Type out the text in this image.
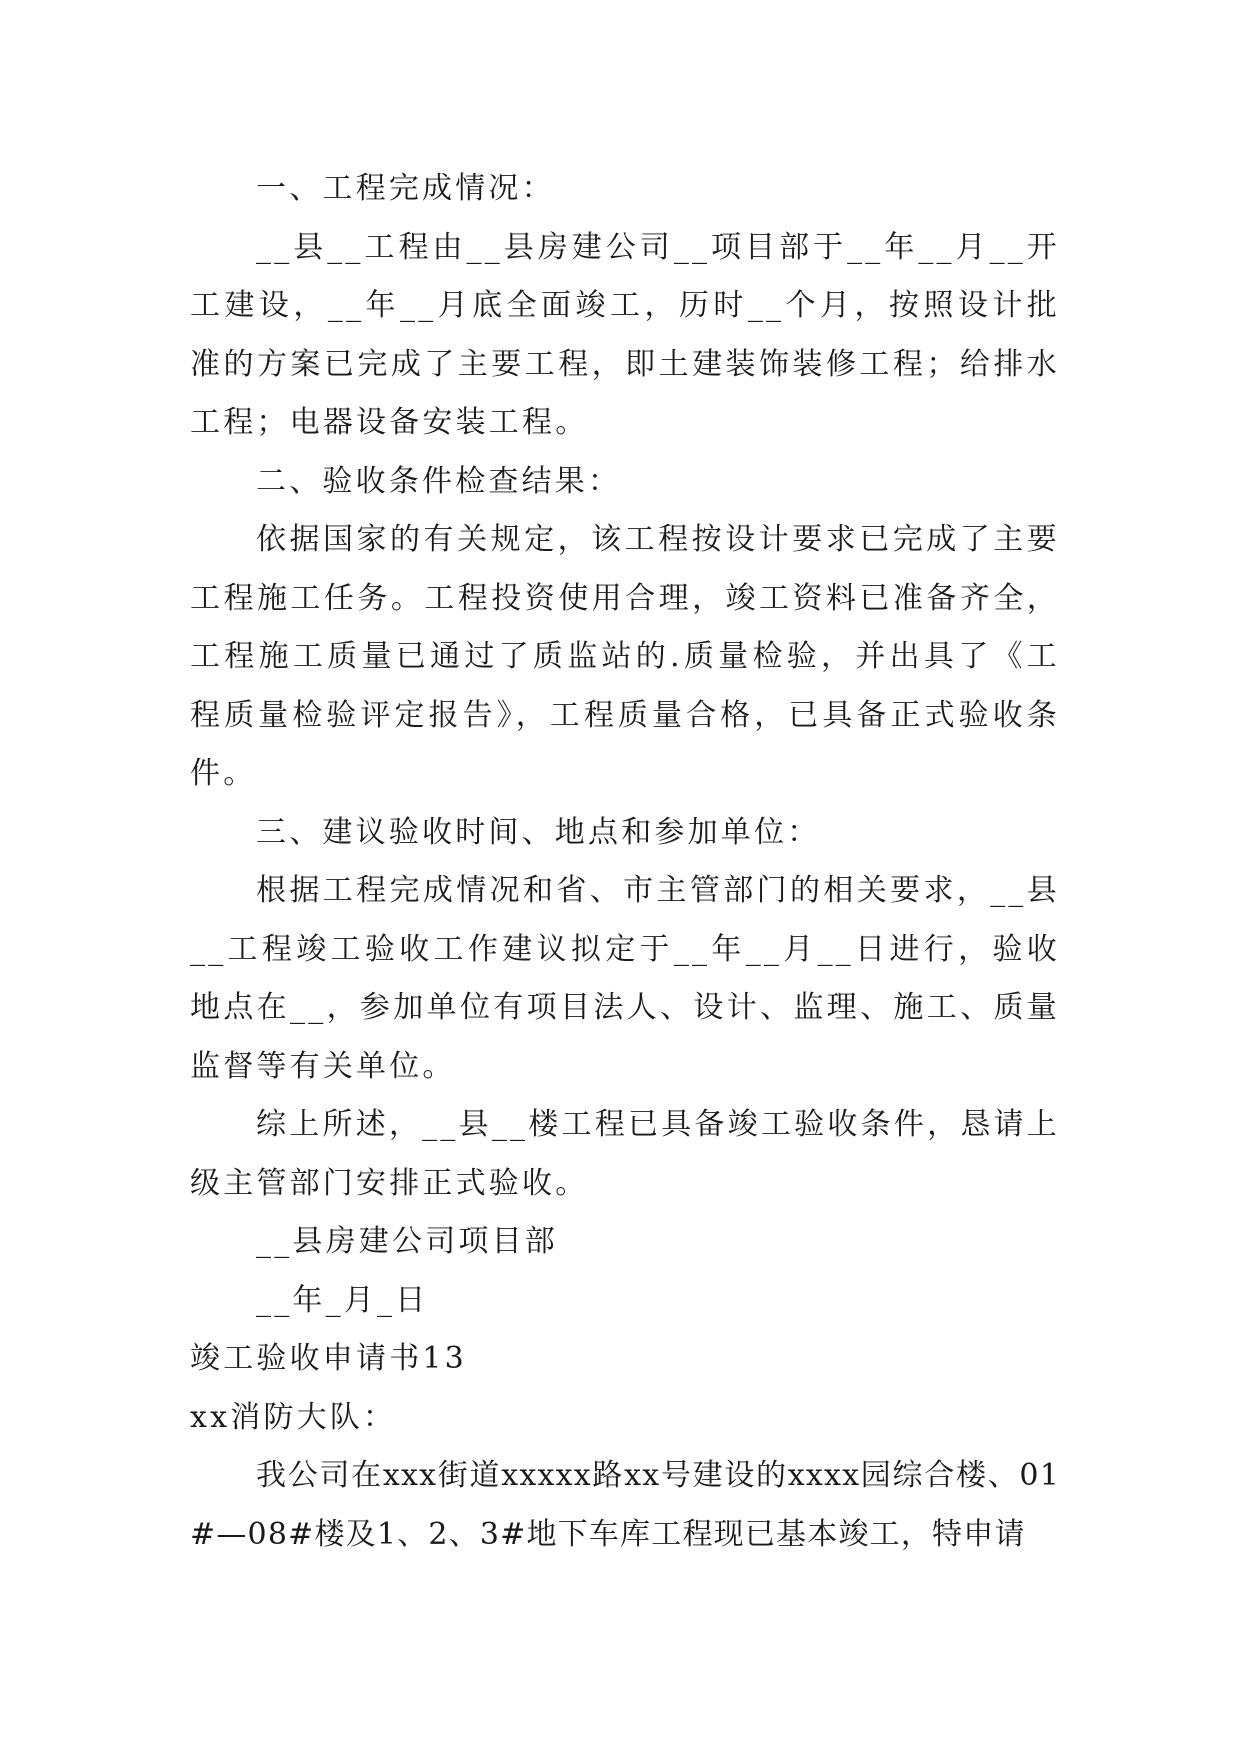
一、工程完成情况：

__县__工程由__县房建公司__项目部于__年__月__开工建设，__年__月底全面竣工，历时__个月，按照设计批准的方案已完成了主要工程，即土建装饰装修工程；给排水工程；电器设备安装工程。

二、验收条件检查结果：

依据国家的有关规定，该工程按设计要求已完成了主要工程施工任务。工程投资使用合理，竣工资料已准备齐全，工程施工质量已通过了质监站的.质量检验，并出具了《工程质量检验评定报告》，工程质量合格，已具备正式验收条件。

三、建议验收时间、地点和参加单位：

根据工程完成情况和省、市主管部门的相关要求，__县__工程竣工验收工作建议拟定于__年__月__日进行，验收地点在__，参加单位有项目法人、设计、监理、施工、质量监督等有关单位。

综上所述，__县__楼工程已具备竣工验收条件，恳请上级主管部门安排正式验收。

__县房建公司项目部

__年_月_日

竣工验收申请书13

xx消防大队：

我公司在xxx街道xxxxx路xx号建设的xxxx园综合楼、01#—08#楼及1、2、3#地下车库工程现已基本竣工，特申请
